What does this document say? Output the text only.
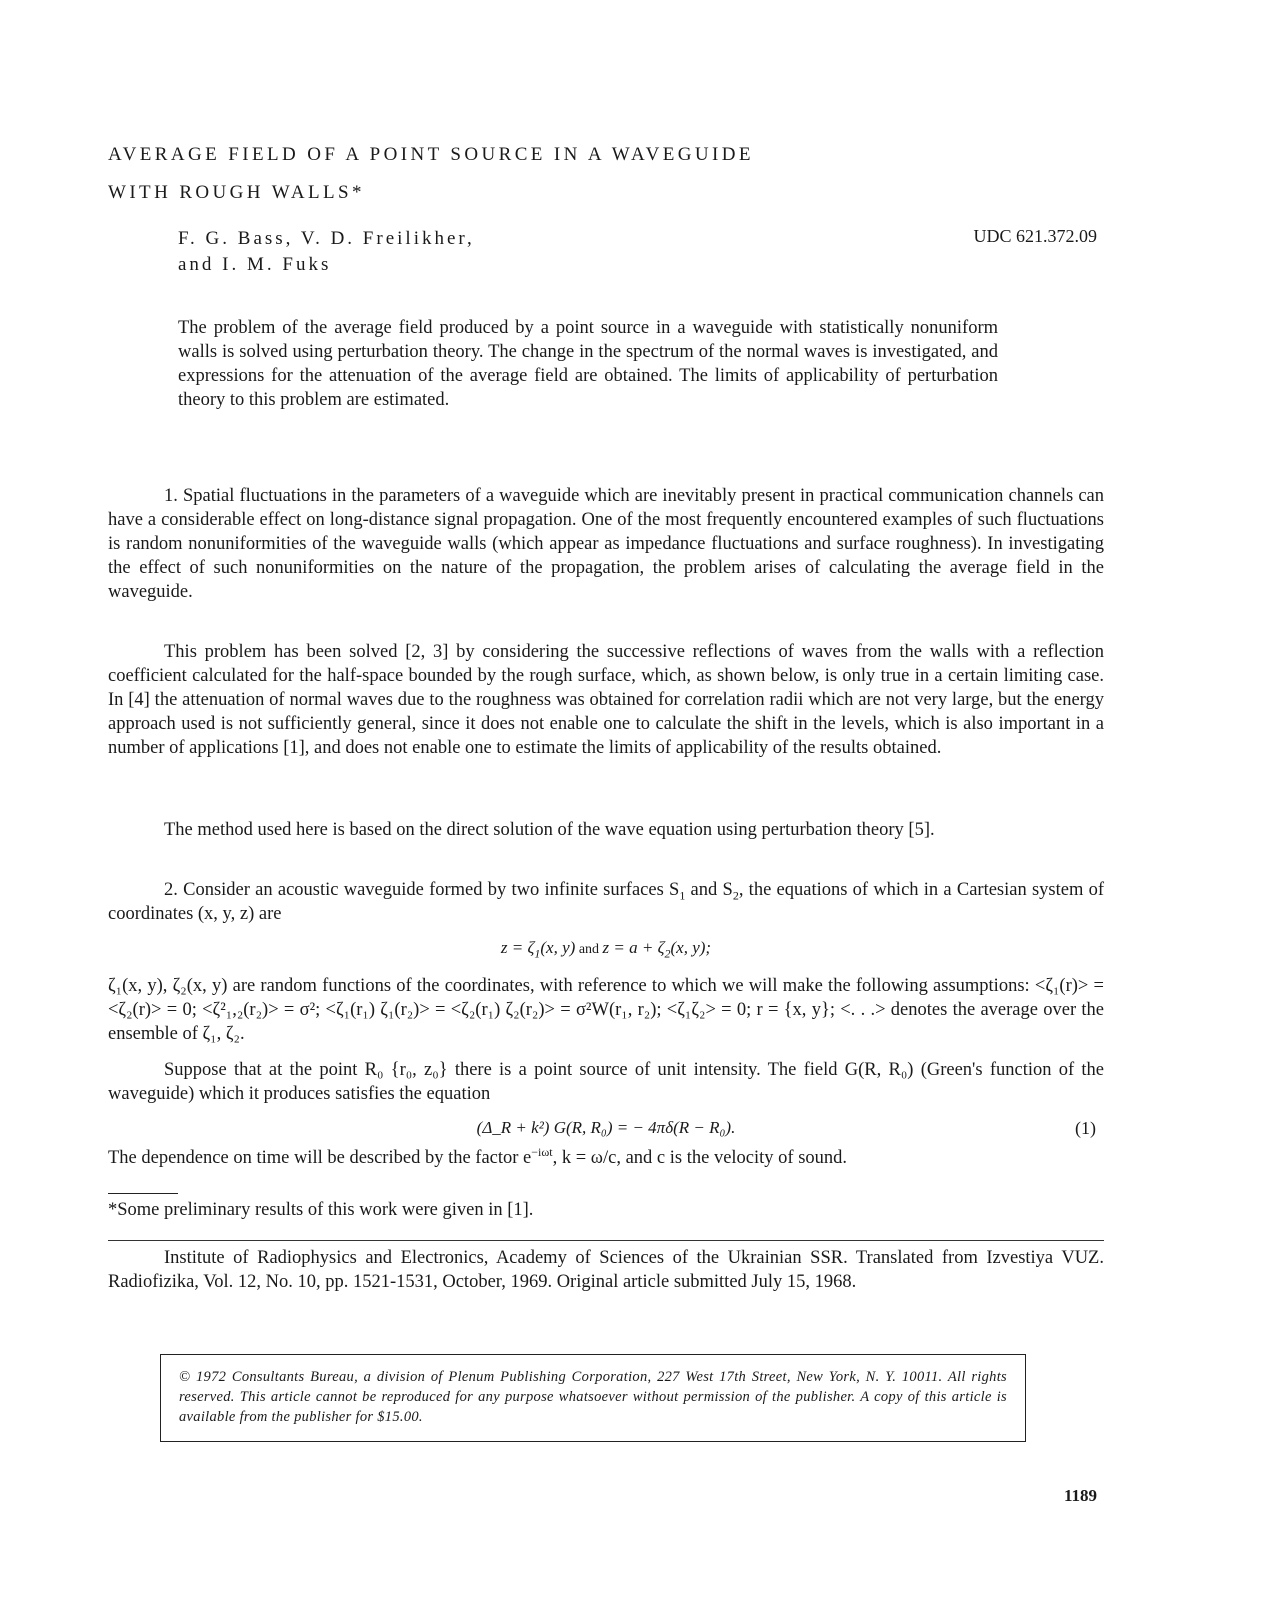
AVERAGE FIELD OF A POINT SOURCE IN A WAVEGUIDE
WITH ROUGH WALLS*
F. G. Bass, V. D. Freilikher,
and I. M. Fuks
UDC 621.372.09

The problem of the average field produced by a point source in a waveguide with statistically nonuniform walls is solved using perturbation theory. The change in the spectrum of the normal waves is investigated, and expressions for the attenuation of the average field are obtained. The limits of applicability of perturbation theory to this problem are estimated.

1. Spatial fluctuations in the parameters of a waveguide which are inevitably present in practical communication channels can have a considerable effect on long-distance signal propagation. One of the most frequently encountered examples of such fluctuations is random nonuniformities of the waveguide walls (which appear as impedance fluctuations and surface roughness). In investigating the effect of such nonuniformities on the nature of the propagation, the problem arises of calculating the average field in the waveguide.

This problem has been solved [2, 3] by considering the successive reflections of waves from the walls with a reflection coefficient calculated for the half-space bounded by the rough surface, which, as shown below, is only true in a certain limiting case. In [4] the attenuation of normal waves due to the roughness was obtained for correlation radii which are not very large, but the energy approach used is not sufficiently general, since it does not enable one to calculate the shift in the levels, which is also important in a number of applications [1], and does not enable one to estimate the limits of applicability of the results obtained.

The method used here is based on the direct solution of the wave equation using perturbation theory [5].

2. Consider an acoustic waveguide formed by two infinite surfaces $S_1$ and $S_2$, the equations of which in a Cartesian system of coordinates (x, y, z) are

$z = \zeta_1(x$, y) and $z = a + \zeta_2(x$, y);

ζ₁(x, y), ζ₂(x, y) are random functions of the coordinates, with reference to which we will make the following assumptions: <ζ₁(r)> = <ζ₂(r)> = 0; <ζ²₁,₂(r₂)> = σ²; <ζ₁(r₁) ζ₁(r₂)> = <ζ₂(r₁) ζ₂(r₂)> = σ²W(r₁, r₂); <ζ₁ζ₂> = 0; r = {x, y}; <. . .> denotes the average over the ensemble of ζ₁, ζ₂.

Suppose that at the point R₀ {r₀, z₀} there is a point source of unit intensity. The field G(R, R₀) (Green's function of the waveguide) which it produces satisfies the equation

(Δ_R + k²) G(R, R₀) = − 4πδ(R − R₀).	(1)

The dependence on time will be described by the factor $e^{-i\omega t}$, k = ω/c, and c is the velocity of sound.

*Some preliminary results of this work were given in [1].

Institute of Radiophysics and Electronics, Academy of Sciences of the Ukrainian SSR. Translated from Izvestiya VUZ. Radiofizika, Vol. 12, No. 10, pp. 1521-1531, October, 1969. Original article submitted July 15, 1968.

© 1972 Consultants Bureau, a division of Plenum Publishing Corporation, 227 West 17th Street, New York, N. Y. 10011. All rights reserved. This article cannot be reproduced for any purpose whatsoever without permission of the publisher. A copy of this article is available from the publisher for $15.00.
1189
